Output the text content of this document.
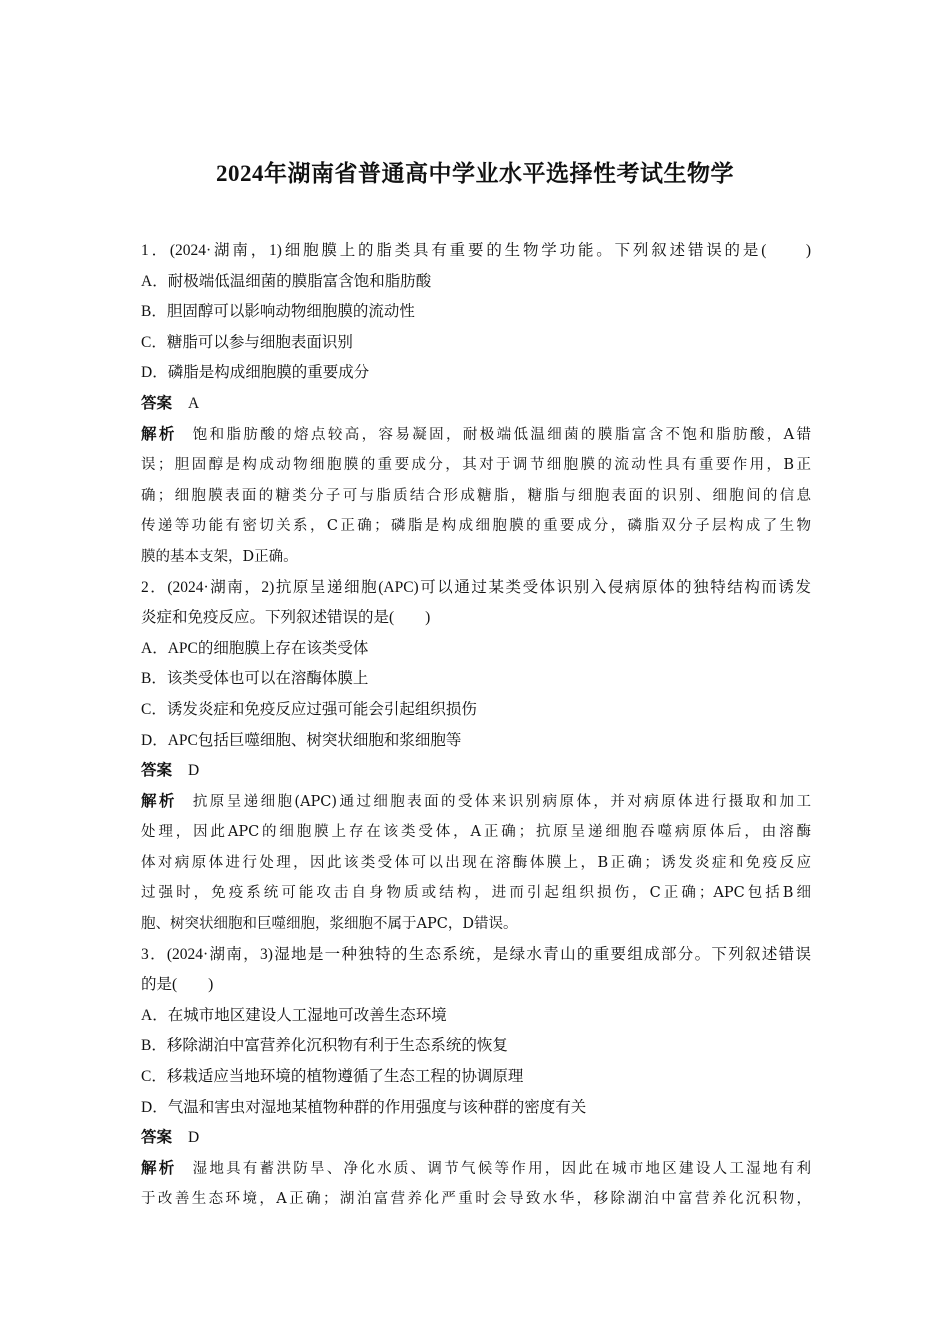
2024年湖南省普通高中学业水平选择性考试生物学
1．(2024·湖南，1)细胞膜上的脂类具有重要的生物学功能。下列叙述错误的是(　　)
A．耐极端低温细菌的膜脂富含饱和脂肪酸
B．胆固醇可以影响动物细胞膜的流动性
C．糖脂可以参与细胞表面识别
D．磷脂是构成细胞膜的重要成分
答案 A
解析 饱和脂肪酸的熔点较高，容易凝固，耐极端低温细菌的膜脂富含不饱和脂肪酸，A错
误；胆固醇是构成动物细胞膜的重要成分，其对于调节细胞膜的流动性具有重要作用，B正
确；细胞膜表面的糖类分子可与脂质结合形成糖脂，糖脂与细胞表面的识别、细胞间的信息
传递等功能有密切关系，C正确；磷脂是构成细胞膜的重要成分，磷脂双分子层构成了生物
膜的基本支架，D正确。
2．(2024·湖南，2)抗原呈递细胞(APC)可以通过某类受体识别入侵病原体的独特结构而诱发
炎症和免疫反应。下列叙述错误的是(　　)
A．APC的细胞膜上存在该类受体
B．该类受体也可以在溶酶体膜上
C．诱发炎症和免疫反应过强可能会引起组织损伤
D．APC包括巨噬细胞、树突状细胞和浆细胞等
答案 D
解析 抗原呈递细胞(APC)通过细胞表面的受体来识别病原体，并对病原体进行摄取和加工
处理，因此APC的细胞膜上存在该类受体，A正确；抗原呈递细胞吞噬病原体后，由溶酶
体对病原体进行处理，因此该类受体可以出现在溶酶体膜上，B正确；诱发炎症和免疫反应
过强时，免疫系统可能攻击自身物质或结构，进而引起组织损伤，C正确；APC包括B细
胞、树突状细胞和巨噬细胞，浆细胞不属于APC，D错误。
3．(2024·湖南，3)湿地是一种独特的生态系统，是绿水青山的重要组成部分。下列叙述错误
的是(　　)
A．在城市地区建设人工湿地可改善生态环境
B．移除湖泊中富营养化沉积物有利于生态系统的恢复
C．移栽适应当地环境的植物遵循了生态工程的协调原理
D．气温和害虫对湿地某植物种群的作用强度与该种群的密度有关
答案 D
解析 湿地具有蓄洪防旱、净化水质、调节气候等作用，因此在城市地区建设人工湿地有利
于改善生态环境，A正确；湖泊富营养化严重时会导致水华，移除湖泊中富营养化沉积物，
